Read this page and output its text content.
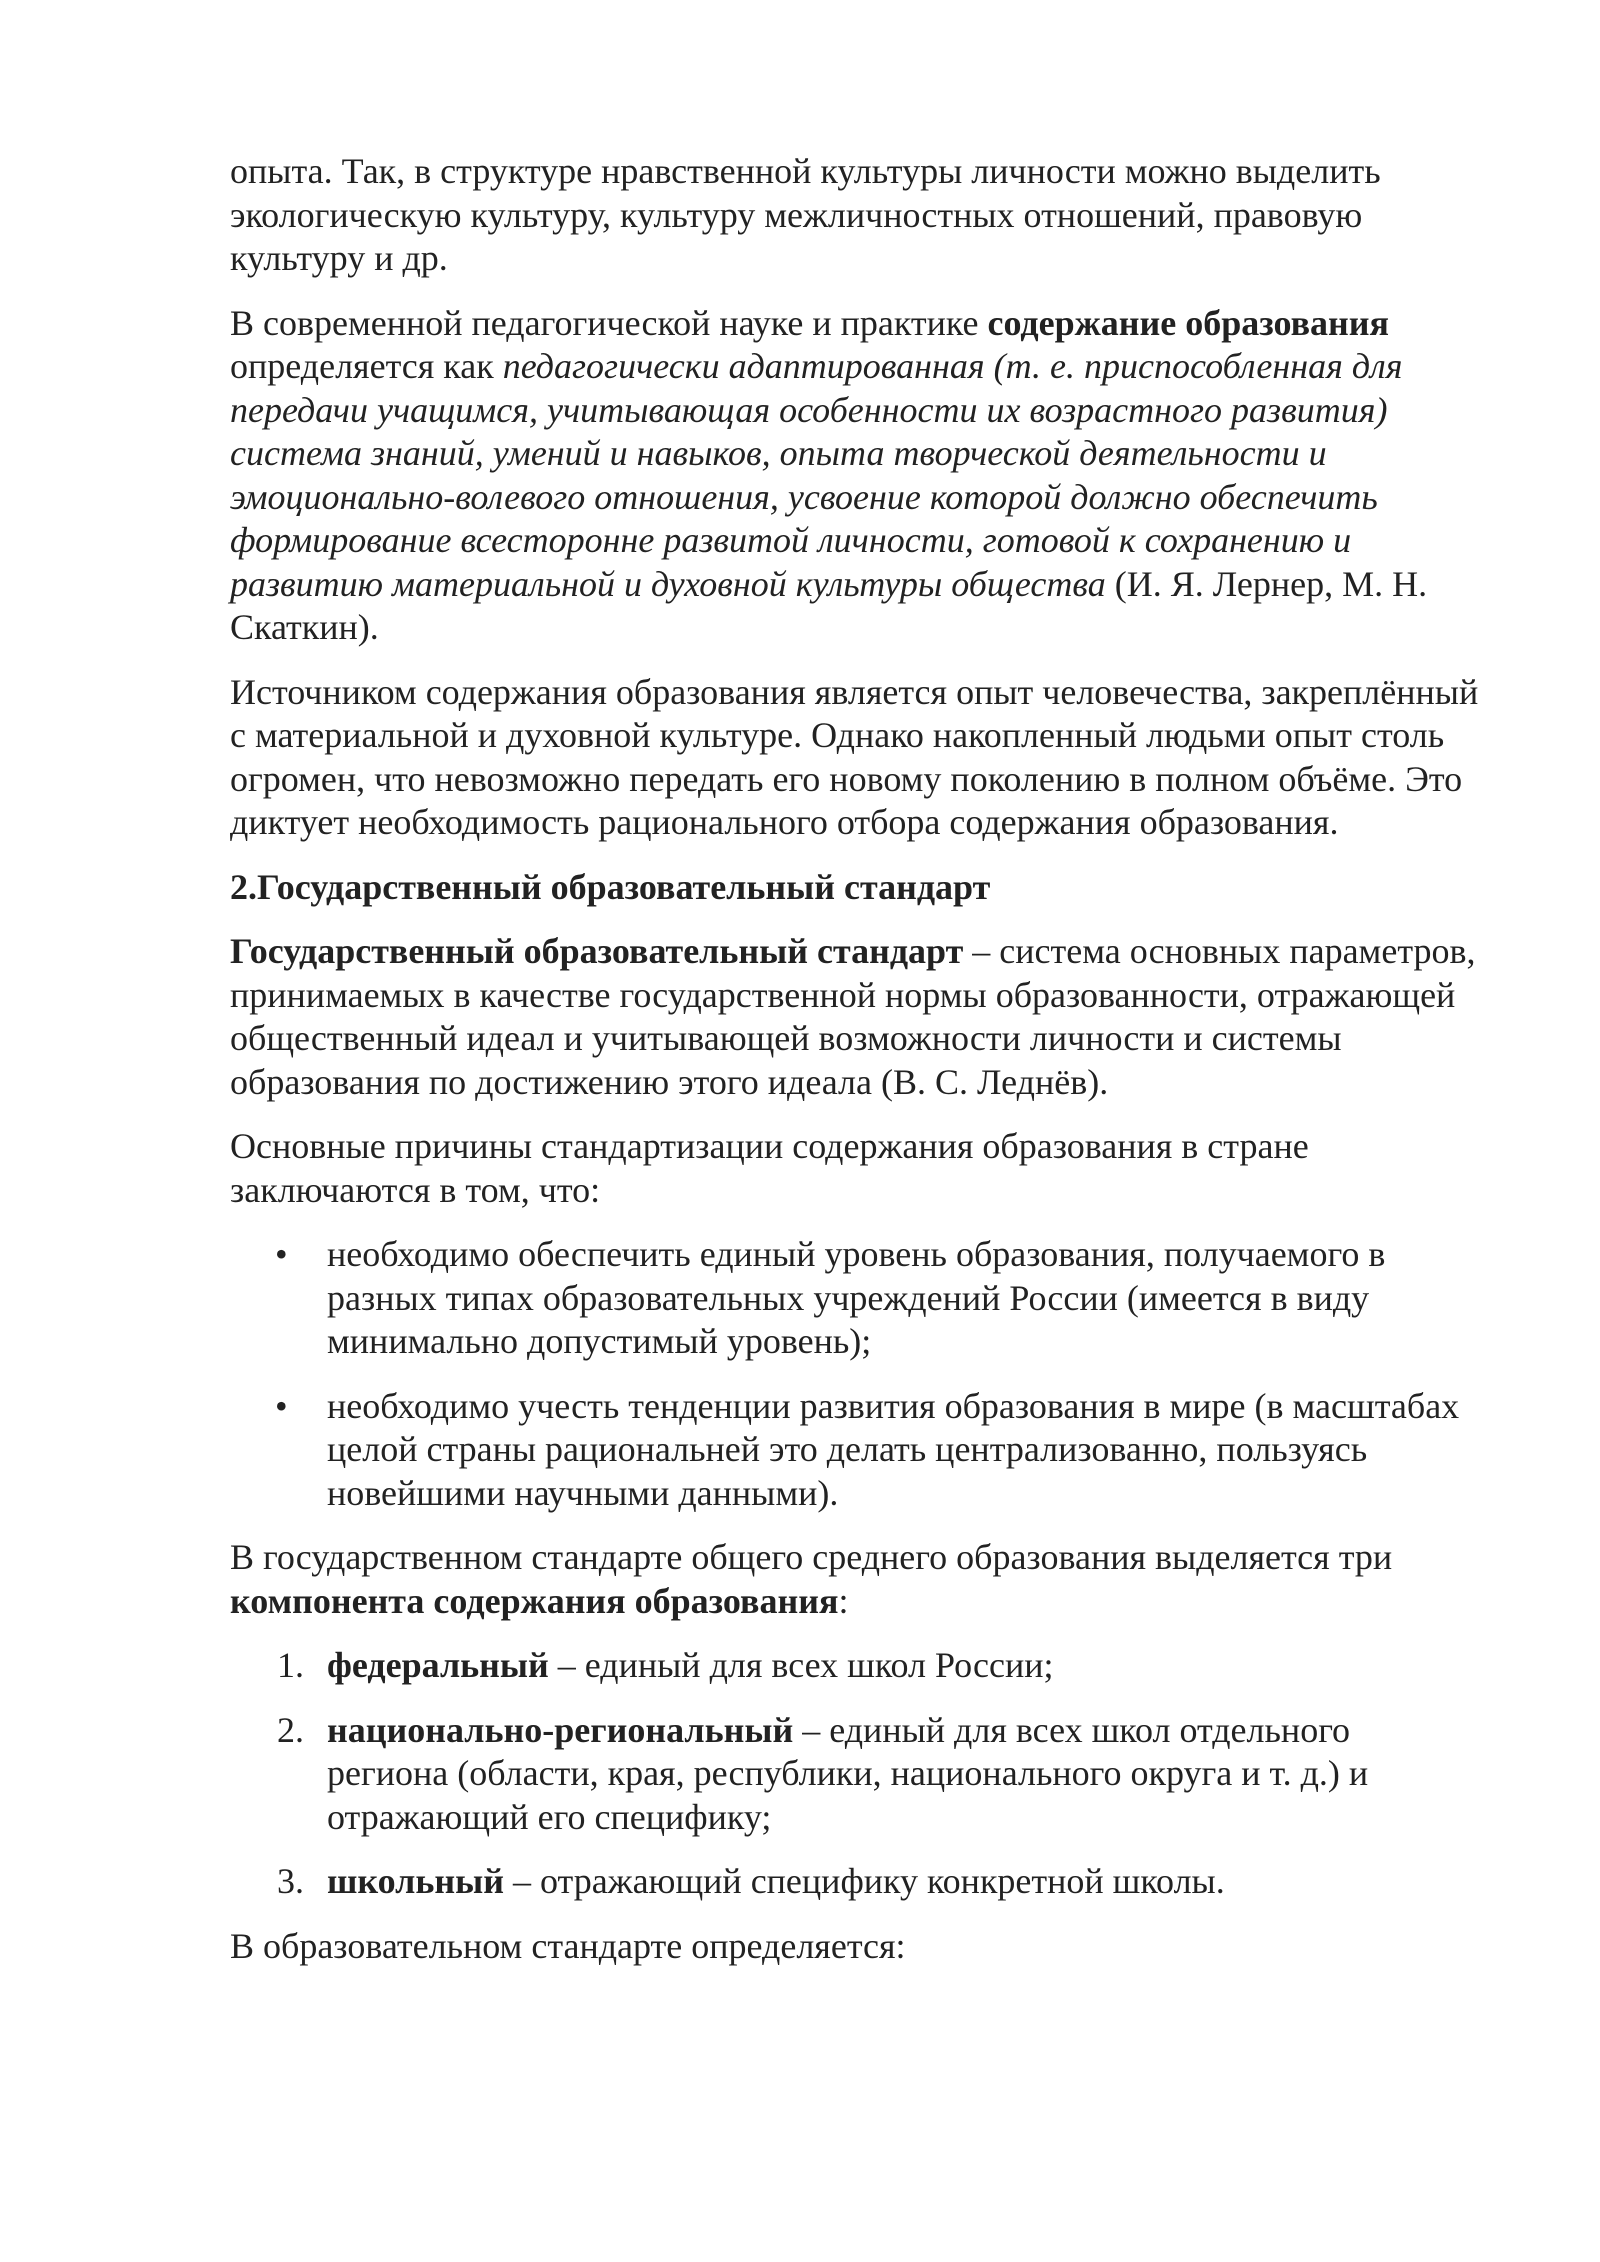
опыта. Так, в структуре нравственной культуры личности можно выделить экологическую культуру, культуру межличностных отношений, правовую культуру и др.

В современной педагогической науке и практике содержание образования определяется как педагогически адаптированная (т. е. приспособленная для передачи учащимся, учитывающая особенности их возрастного развития) система знаний, умений и навыков, опыта творческой деятельности и эмоционально-волевого отношения, усвоение которой должно обеспечить формирование всесторонне развитой личности, готовой к сохранению и развитию материальной и духовной культуры общества (И. Я. Лернер, М. Н. Скаткин).

Источником содержания образования является опыт человечества, закреплённый с материальной и духовной культуре. Однако накопленный людьми опыт столь огромен, что невозможно передать его новому поколению в полном объёме. Это диктует необходимость рационального отбора содержания образования.

2.Государственный образовательный стандарт

Государственный образовательный стандарт – система основных параметров, принимаемых в качестве государственной нормы образованности, отражающей общественный идеал и учитывающей возможности личности и системы образования по достижению этого идеала (В. С. Леднёв).

Основные причины стандартизации содержания образования в стране заключаются в том, что:

• необходимо обеспечить единый уровень образования, получаемого в разных типах образовательных учреждений России (имеется в виду минимально допустимый уровень);
• необходимо учесть тенденции развития образования в мире (в масштабах целой страны рациональней это делать централизованно, пользуясь новейшими научными данными).

В государственном стандарте общего среднего образования выделяется три компонента содержания образования:

1. федеральный – единый для всех школ России;
2. национально-региональный – единый для всех школ отдельного региона (области, края, республики, национального округа и т. д.) и отражающий его специфику;
3. школьный – отражающий специфику конкретной школы.

В образовательном стандарте определяется:
